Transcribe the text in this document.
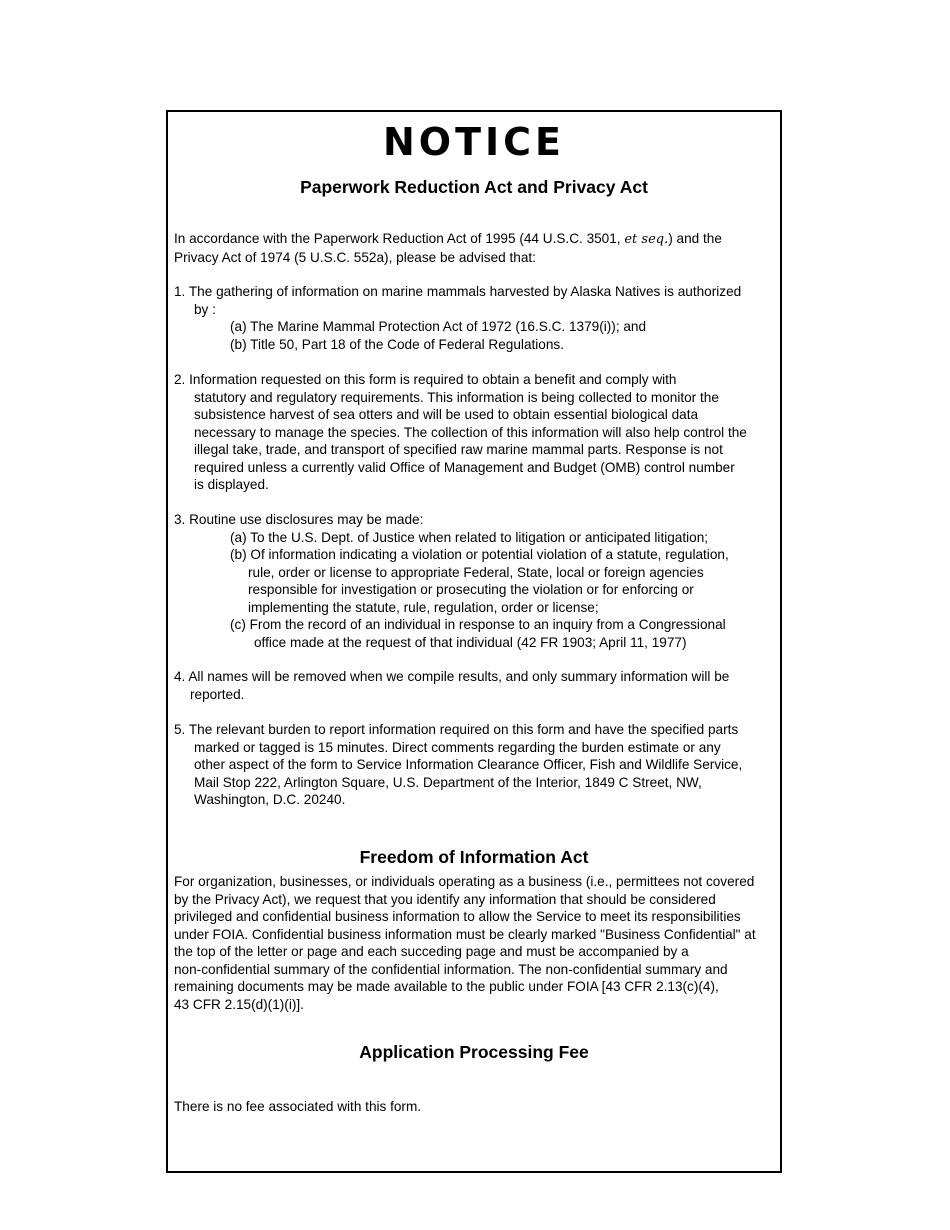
NOTICE
Paperwork Reduction Act and Privacy Act
In accordance with the Paperwork Reduction Act of 1995 (44 U.S.C. 3501, et seq.) and the
Privacy Act of 1974 (5 U.S.C. 552a), please be advised that:
1. The gathering of information on marine mammals harvested by Alaska Natives is authorized
by :
(a) The Marine Mammal Protection Act of 1972 (16.S.C. 1379(i)); and
(b) Title 50, Part 18 of the Code of Federal Regulations.
2. Information requested on this form is required to obtain a benefit and comply with
statutory and regulatory requirements. This information is being collected to monitor the
subsistence harvest of sea otters and will be used to obtain essential biological data
necessary to manage the species. The collection of this information will also help control the
illegal take, trade, and transport of specified raw marine mammal parts. Response is not
required unless a currently valid Office of Management and Budget (OMB) control number
is displayed.
3. Routine use disclosures may be made:
(a) To the U.S. Dept. of Justice when related to litigation or anticipated litigation;
(b) Of information indicating a violation or potential violation of a statute, regulation,
rule, order or license to appropriate Federal, State, local or foreign agencies
responsible for investigation or prosecuting the violation or for enforcing or
implementing the statute, rule, regulation, order or license;
(c) From the record of an individual in response to an inquiry from a Congressional
office made at the request of that individual (42 FR 1903; April 11, 1977)
4. All names will be removed when we compile results, and only summary information will be
reported.
5. The relevant burden to report information required on this form and have the specified parts
marked or tagged is 15 minutes. Direct comments regarding the burden estimate or any
other aspect of the form to Service Information Clearance Officer, Fish and Wildlife Service,
Mail Stop 222, Arlington Square, U.S. Department of the Interior, 1849 C Street, NW,
Washington, D.C. 20240.
Freedom of Information Act
For organization, businesses, or individuals operating as a business (i.e., permittees not covered
by the Privacy Act), we request that you identify any information that should be considered
privileged and confidential business information to allow the Service to meet its responsibilities
under FOIA. Confidential business information must be clearly marked "Business Confidential" at
the top of the letter or page and each succeding page and must be accompanied by a
non-confidential summary of the confidential information. The non-confidential summary and
remaining documents may be made available to the public under FOIA [43 CFR 2.13(c)(4),
43 CFR 2.15(d)(1)(i)].
Application Processing Fee

There is no fee associated with this form.
